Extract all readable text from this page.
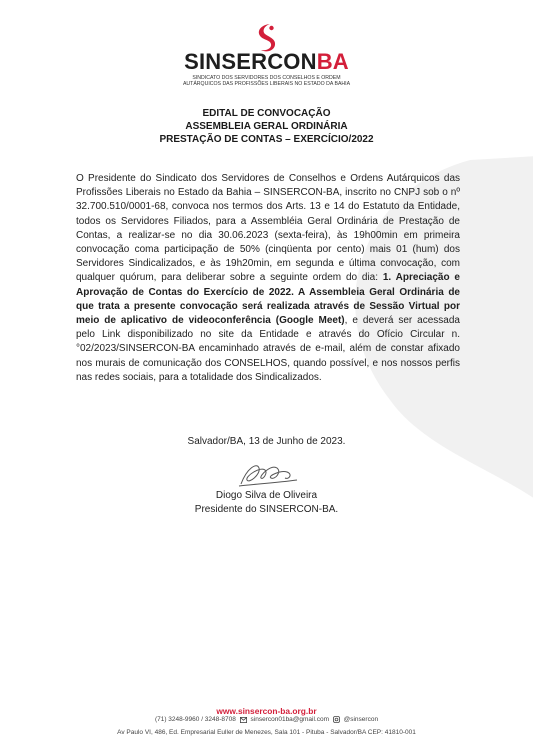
SINSERCONBA
SINDICATO DOS SERVIDORES DOS CONSELHOS E ORDEM
AUTÁRQUICOS DAS PROFISSÕES LIBERAIS NO ESTADO DA BAHIA
EDITAL DE CONVOCAÇÃO
ASSEMBLEIA GERAL ORDINÁRIA
PRESTAÇÃO DE CONTAS – EXERCÍCIO/2022
O Presidente do Sindicato dos Servidores de Conselhos e Ordens Autárquicos das Profissões Liberais no Estado da Bahia – SINSERCON-BA, inscrito no CNPJ sob o nº 32.700.510/0001-68, convoca nos termos dos Arts. 13 e 14 do Estatuto da Entidade, todos os Servidores Filiados, para a Assembléia Geral Ordinária de Prestação de Contas, a realizar-se no dia 30.06.2023 (sexta-feira), às 19h00min em primeira convocação coma participação de 50% (cinqüenta por cento) mais 01 (hum) dos Servidores Sindicalizados, e às 19h20min, em segunda e última convocação, com qualquer quórum, para deliberar sobre a seguinte ordem do dia: 1. Apreciação e Aprovação de Contas do Exercício de 2022. A Assembleia Geral Ordinária de que trata a presente convocação será realizada através de Sessão Virtual por meio de aplicativo de videoconferência (Google Meet), e deverá ser acessada pelo Link disponibilizado no site da Entidade e através do Ofício Circular n.°02/2023/SINSERCON-BA encaminhado através de e-mail, além de constar afixado nos murais de comunicação dos CONSELHOS, quando possível, e nos nossos perfis nas redes sociais, para a totalidade dos Sindicalizados.
Salvador/BA, 13 de Junho de 2023.
Diogo Silva de Oliveira
Presidente do SINSERCON-BA.
www.sinsercon-ba.org.br
(71) 3248-9960 / 3248-8708 sinsercon01ba@gmail.com @sinsercon
Av Paulo VI, 486, Ed. Empresarial Euller de Menezes, Sala 101 - Pituba - Salvador/BA CEP: 41810-001
